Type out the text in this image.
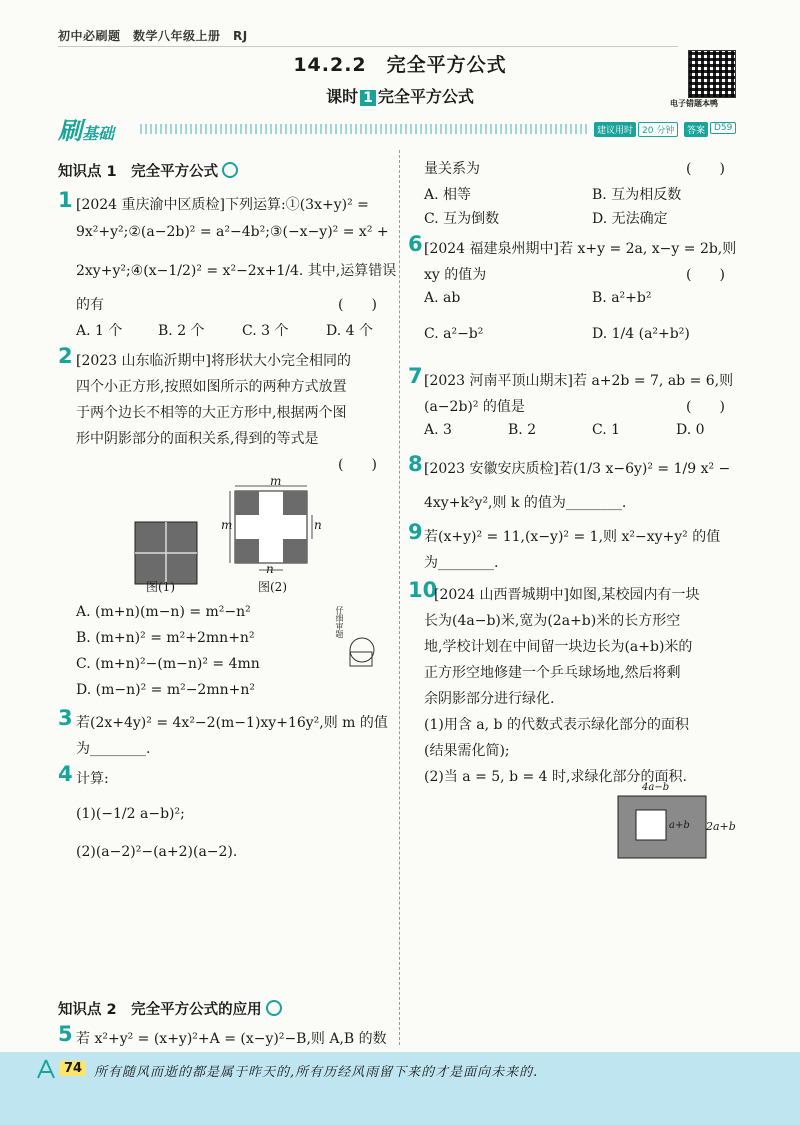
初中必刷题　数学八年级上册　RJ
14.2.2　完全平方公式
课时 1 完全平方公式	电子错题本鸭
刷基础	建议用时 20 分钟	答案 D59
知识点 1　完全平方公式
1 [2024 重庆渝中区质检]下列运算:①(3x+y)² =
9x²+y²;②(a−2b)² = a²−4b²;③(−x−y)² = x² +
2xy+y²;④(x−1/2)² = x²−2x+1/4. 其中,运算错误
的有	(　　)
A. 1 个	B. 2 个	C. 3 个	D. 4 个
2 [2023 山东临沂期中]将形状大小完全相同的
四个小正方形,按照如图所示的两种方式放置
于两个边长不相等的大正方形中,根据两个图
形中阴影部分的面积关系,得到的等式是
(　　)
m
m	n
n
图(1)	图(2)
A. (m+n)(m−n) = m²−n²
B. (m+n)² = m²+2mn+n²
C. (m+n)²−(m−n)² = 4mn
D. (m−n)² = m²−2mn+n²
仔细审题
3 若(2x+4y)² = 4x²−2(m−1)xy+16y²,则 m 的值
为________.
4 计算:
(1)(−1/2 a−b)²;
(2)(a−2)²−(a+2)(a−2).
知识点 2　完全平方公式的应用
5 若 x²+y² = (x+y)²+A = (x−y)²−B,则 A,B 的数
量关系为	(　　)
A. 相等	B. 互为相反数
C. 互为倒数	D. 无法确定
6 [2024 福建泉州期中]若 x+y = 2a, x−y = 2b,则
xy 的值为	(　　)
A. ab	B. a²+b²
C. a²−b²	D. 1/4 (a²+b²)
7 [2023 河南平顶山期末]若 a+2b = 7, ab = 6,则
(a−2b)² 的值是	(　　)
A. 3	B. 2	C. 1	D. 0
8 [2023 安徽安庆质检]若(1/3 x−6y)² = 1/9 x² −
4xy+k²y²,则 k 的值为________.
9 若(x+y)² = 11,(x−y)² = 1,则 x²−xy+y² 的值
为________.
10
[2024 山西晋城期中]如图,某校园内有一块
长为(4a−b)米,宽为(2a+b)米的长方形空
地,学校计划在中间留一块边长为(a+b)米的
正方形空地修建一个乒乓球场地,然后将剩
余阴影部分进行绿化.
(1)用含 a, b 的代数式表示绿化部分的面积
(结果需化简);
(2)当 a = 5, b = 4 时,求绿化部分的面积.
4a−b
a+b 2a+b
74 所有随风而逝的都是属于昨天的,所有历经风雨留下来的才是面向未来的.
